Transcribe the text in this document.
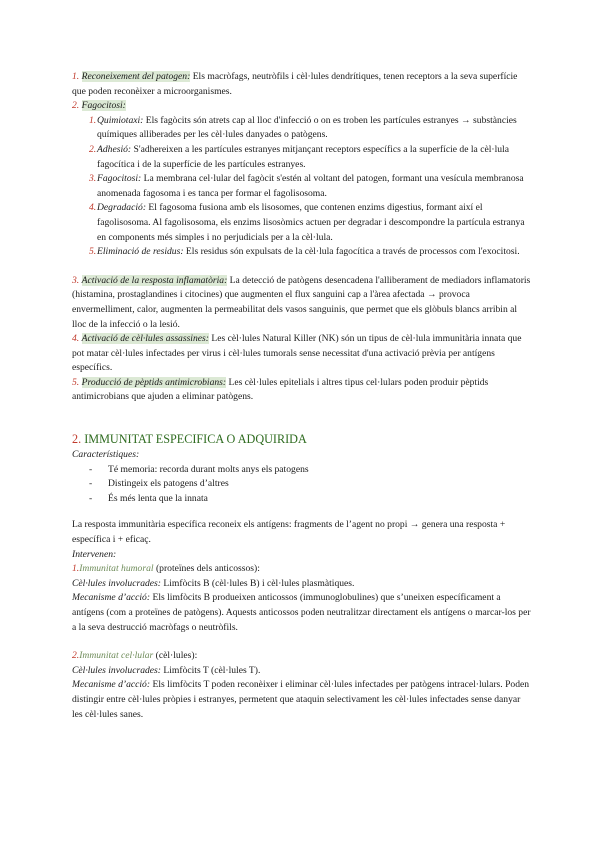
1. Reconeixement del patogen: Els macròfags, neutròfils i cèl·lules dendrítiques, tenen receptors a la seva superfície que poden reconèixer a microorganismes.

2. Fagocitosi:

1. Quimiotaxi: Els fagòcits són atrets cap al lloc d'infecció o on es troben les partícules estranyes → substàncies químiques alliberades per les cèl·lules danyades o patògens.
2. Adhesió: S'adhereixen a les partícules estranyes mitjançant receptors específics a la superfície de la cèl·lula fagocítica i de la superfície de les partícules estranyes.
3. Fagocitosi: La membrana cel·lular del fagòcit s'estén al voltant del patogen, formant una vesícula membranosa anomenada fagosoma i es tanca per formar el fagolisosoma.
4. Degradació: El fagosoma fusiona amb els lisosomes, que contenen enzims digestius, formant així el fagolisosoma. Al fagolisosoma, els enzims lisosòmics actuen per degradar i descompondre la partícula estranya en components més simples i no perjudicials per a la cèl·lula.
5. Eliminació de residus: Els residus són expulsats de la cèl·lula fagocítica a través de processos com l'exocitosi.

3. Activació de la resposta inflamatòria: La detecció de patògens desencadena l'alliberament de mediadors inflamatoris (histamina, prostaglandines i citocines) que augmenten el flux sanguini cap a l'àrea afectada → provoca envermelliment, calor, augmenten la permeabilitat dels vasos sanguinis, que permet que els glòbuls blancs arribin al lloc de la infecció o la lesió.

4. Activació de cèl·lules assassines: Les cèl·lules Natural Killer (NK) són un tipus de cèl·lula immunitària innata que pot matar cèl·lules infectades per virus i cèl·lules tumorals sense necessitat d'una activació prèvia per antígens específics.

5. Producció de pèptids antimicrobians: Les cèl·lules epitelials i altres tipus cel·lulars poden produir pèptids antimicrobians que ajuden a eliminar patògens.

2. IMMUNITAT ESPECIFICA O ADQUIRIDA

Característiques:

- Té memoria: recorda durant molts anys els patogens
- Distingeix els patogens d’altres
- És més lenta que la innata

La resposta immunitària específica reconeix els antígens: fragments de l’agent no propi → genera una resposta + específica i + eficaç.

Intervenen:

1.Immunitat humoral (proteïnes dels anticossos):

Cèl·lules involucrades: Limfòcits B (cèl·lules B) i cèl·lules plasmàtiques.

Mecanisme d’acció: Els limfòcits B produeixen anticossos (immunoglobulines) que s’uneixen específicament a antígens (com a proteïnes de patògens). Aquests anticossos poden neutralitzar directament els antígens o marcar-los per a la seva destrucció macròfags o neutròfils.

2.Immunitat cel·lular (cèl·lules):

Cèl·lules involucrades: Limfòcits T (cèl·lules T).

Mecanisme d’acció: Els limfòcits T poden reconèixer i eliminar cèl·lules infectades per patògens intracel·lulars. Poden distingir entre cèl·lules pròpies i estranyes, permetent que ataquin selectivament les cèl·lules infectades sense danyar les cèl·lules sanes.
